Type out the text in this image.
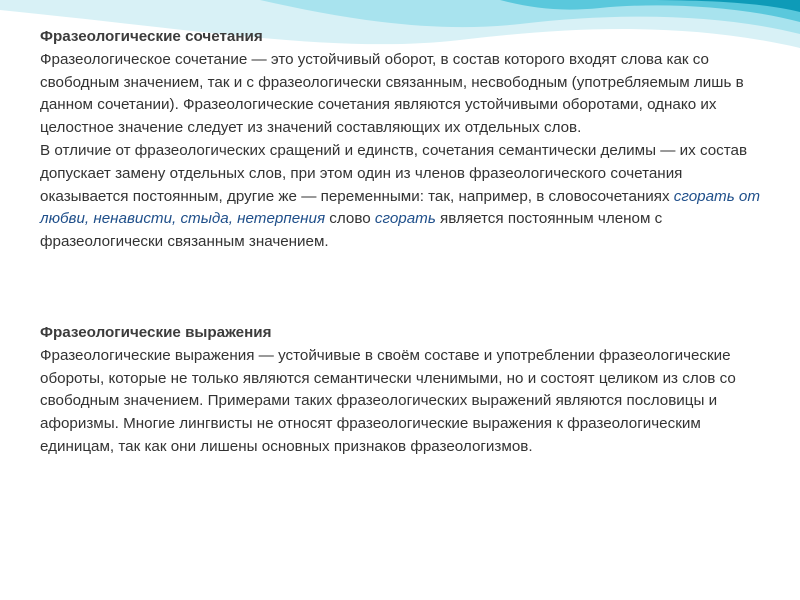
Фразеологические сочетания

Фразеологическое сочетание — это устойчивый оборот, в состав которого входят слова как со свободным значением, так и с фразеологически связанным, несвободным (употребляемым лишь в данном сочетании). Фразеологические сочетания являются устойчивыми оборотами, однако их целостное значение следует из значений составляющих их отдельных слов.

В отличие от фразеологических сращений и единств, сочетания семантически делимы — их состав допускает замену отдельных слов, при этом один из членов фразеологического сочетания оказывается постоянным, другие же — переменными: так, например, в словосочетаниях сгорать от любви, ненависти, стыда, нетерпения слово сгорать является постоянным членом с фразеологически связанным значением.

Фразеологические выражения

Фразеологические выражения — устойчивые в своём составе и употреблении фразеологические обороты, которые не только являются семантически членимыми, но и состоят целиком из слов со свободным значением. Примерами таких фразеологических выражений являются пословицы и афоризмы. Многие лингвисты не относят фразеологические выражения к фразеологическим единицам, так как они лишены основных признаков фразеологизмов.
